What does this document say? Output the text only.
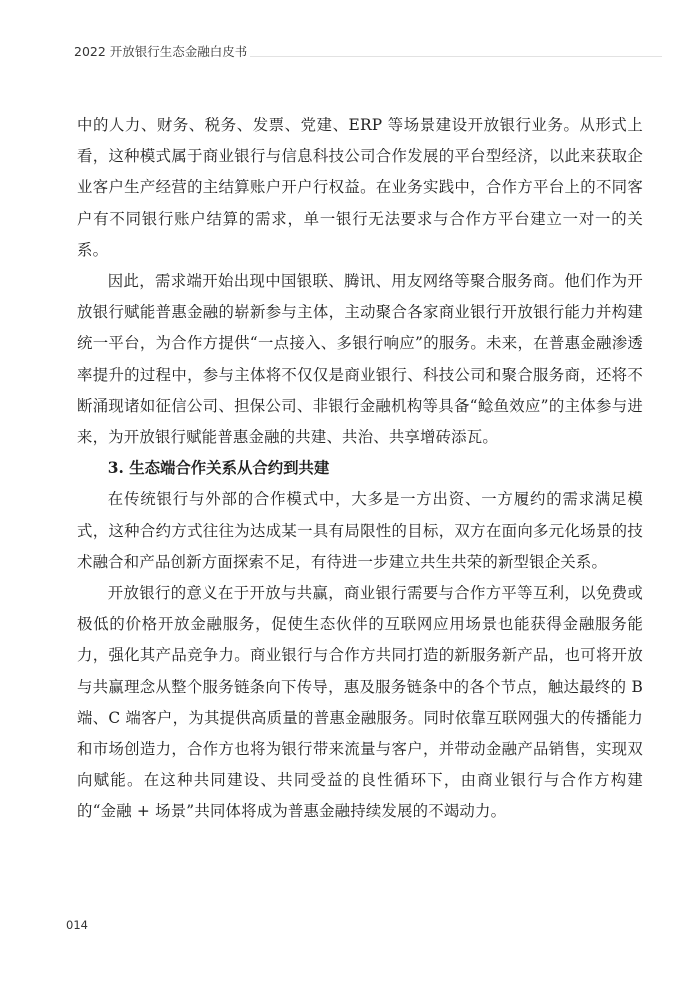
2022 开放银行生态金融白皮书

中的人力、财务、税务、发票、党建、ERP 等场景建设开放银行业务。从形式上看，这种模式属于商业银行与信息科技公司合作发展的平台型经济，以此来获取企业客户生产经营的主结算账户开户行权益。在业务实践中，合作方平台上的不同客户有不同银行账户结算的需求，单一银行无法要求与合作方平台建立一对一的关系。

因此，需求端开始出现中国银联、腾讯、用友网络等聚合服务商。他们作为开放银行赋能普惠金融的崭新参与主体，主动聚合各家商业银行开放银行能力并构建统一平台，为合作方提供“一点接入、多银行响应”的服务。未来，在普惠金融渗透率提升的过程中，参与主体将不仅仅是商业银行、科技公司和聚合服务商，还将不断涌现诸如征信公司、担保公司、非银行金融机构等具备“鲶鱼效应”的主体参与进来，为开放银行赋能普惠金融的共建、共治、共享增砖添瓦。

3. 生态端合作关系从合约到共建

在传统银行与外部的合作模式中，大多是一方出资、一方履约的需求满足模式，这种合约方式往往为达成某一具有局限性的目标，双方在面向多元化场景的技术融合和产品创新方面探索不足，有待进一步建立共生共荣的新型银企关系。

开放银行的意义在于开放与共赢，商业银行需要与合作方平等互利，以免费或极低的价格开放金融服务，促使生态伙伴的互联网应用场景也能获得金融服务能力，强化其产品竞争力。商业银行与合作方共同打造的新服务新产品，也可将开放与共赢理念从整个服务链条向下传导，惠及服务链条中的各个节点，触达最终的 B 端、C 端客户，为其提供高质量的普惠金融服务。同时依靠互联网强大的传播能力和市场创造力，合作方也将为银行带来流量与客户，并带动金融产品销售，实现双向赋能。在这种共同建设、共同受益的良性循环下，由商业银行与合作方构建的“金融 + 场景”共同体将成为普惠金融持续发展的不竭动力。

014
